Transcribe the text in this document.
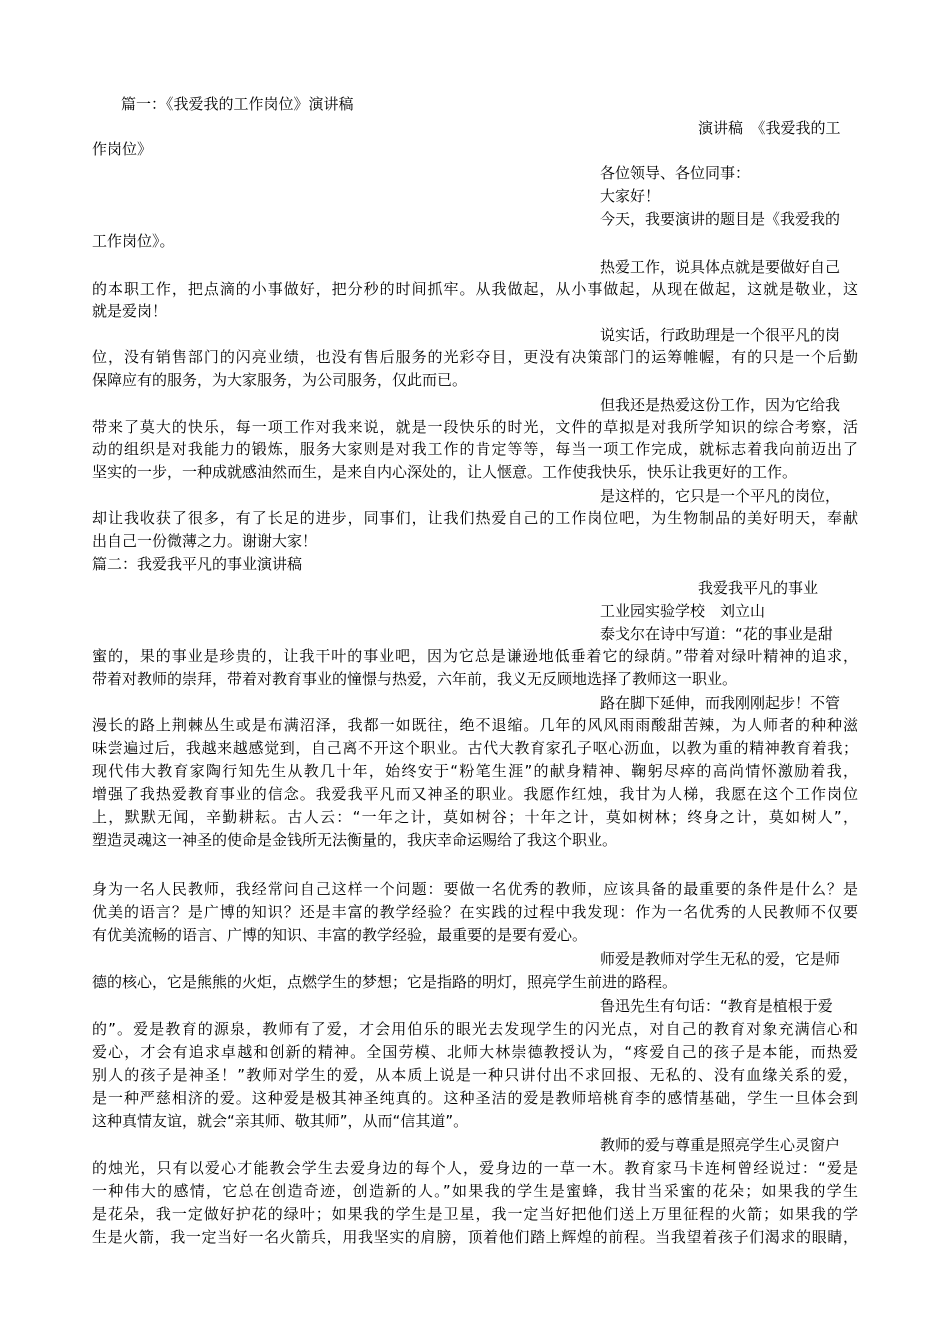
篇一：《我爱我的工作岗位》演讲稿
演讲稿　《我爱我的工
作岗位》
各位领导、各位同事：
大家好！
今天，我要演讲的题目是《我爱我的
工作岗位》。
热爱工作，说具体点就是要做好自己
的本职工作，把点滴的小事做好，把分秒的时间抓牢。从我做起，从小事做起，从现在做起，这就是敬业，这
就是爱岗！
说实话，行政助理是一个很平凡的岗
位，没有销售部门的闪亮业绩，也没有售后服务的光彩夺目，更没有决策部门的运筹帷幄，有的只是一个后勤
保障应有的服务，为大家服务，为公司服务，仅此而已。
但我还是热爱这份工作，因为它给我
带来了莫大的快乐，每一项工作对我来说，就是一段快乐的时光，文件的草拟是对我所学知识的综合考察，活
动的组织是对我能力的锻炼，服务大家则是对我工作的肯定等等，每当一项工作完成，就标志着我向前迈出了
坚实的一步，一种成就感油然而生，是来自内心深处的，让人惬意。工作使我快乐，快乐让我更好的工作。
是这样的，它只是一个平凡的岗位，
却让我收获了很多，有了长足的进步，同事们，让我们热爱自己的工作岗位吧，为生物制品的美好明天，奉献
出自己一份微薄之力。谢谢大家！
篇二：我爱我平凡的事业演讲稿
我爱我平凡的事业
工业园实验学校　刘立山
泰戈尔在诗中写道：“花的事业是甜
蜜的，果的事业是珍贵的，让我干叶的事业吧，因为它总是谦逊地低垂着它的绿荫。”带着对绿叶精神的追求，
带着对教师的崇拜，带着对教育事业的憧憬与热爱，六年前，我义无反顾地选择了教师这一职业。
路在脚下延伸，而我刚刚起步！不管
漫长的路上荆棘丛生或是布满沼泽，我都一如既往，绝不退缩。几年的风风雨雨酸甜苦辣，为人师者的种种滋
味尝遍过后，我越来越感觉到，自己离不开这个职业。古代大教育家孔子呕心沥血，以教为重的精神教育着我；
现代伟大教育家陶行知先生从教几十年，始终安于“粉笔生涯”的献身精神、鞠躬尽瘁的高尚情怀激励着我，
增强了我热爱教育事业的信念。我爱我平凡而又神圣的职业。我愿作红烛，我甘为人梯，我愿在这个工作岗位
上，默默无闻，辛勤耕耘。古人云：“一年之计，莫如树谷；十年之计，莫如树林；终身之计，莫如树人”，
塑造灵魂这一神圣的使命是金钱所无法衡量的，我庆幸命运赐给了我这个职业。
身为一名人民教师，我经常问自己这样一个问题：要做一名优秀的教师，应该具备的最重要的条件是什么？是
优美的语言？是广博的知识？还是丰富的教学经验？在实践的过程中我发现：作为一名优秀的人民教师不仅要
有优美流畅的语言、广博的知识、丰富的教学经验，最重要的是要有爱心。
师爱是教师对学生无私的爱，它是师
德的核心，它是熊熊的火炬，点燃学生的梦想；它是指路的明灯，照亮学生前进的路程。
鲁迅先生有句话：“教育是植根于爱
的”。爱是教育的源泉，教师有了爱，才会用伯乐的眼光去发现学生的闪光点，对自己的教育对象充满信心和
爱心，才会有追求卓越和创新的精神。全国劳模、北师大林崇德教授认为，“疼爱自己的孩子是本能，而热爱
别人的孩子是神圣！”教师对学生的爱，从本质上说是一种只讲付出不求回报、无私的、没有血缘关系的爱，
是一种严慈相济的爱。这种爱是极其神圣纯真的。这种圣洁的爱是教师培桃育李的感情基础，学生一旦体会到
这种真情友谊，就会“亲其师、敬其师”，从而“信其道”。
教师的爱与尊重是照亮学生心灵窗户
的烛光，只有以爱心才能教会学生去爱身边的每个人，爱身边的一草一木。教育家马卡连柯曾经说过：“爱是
一种伟大的感情，它总在创造奇迹，创造新的人。”如果我的学生是蜜蜂，我甘当采蜜的花朵；如果我的学生
是花朵，我一定做好护花的绿叶；如果我的学生是卫星，我一定当好把他们送上万里征程的火箭；如果我的学
生是火箭，我一定当好一名火箭兵，用我坚实的肩膀，顶着他们踏上辉煌的前程。当我望着孩子们渴求的眼睛，
